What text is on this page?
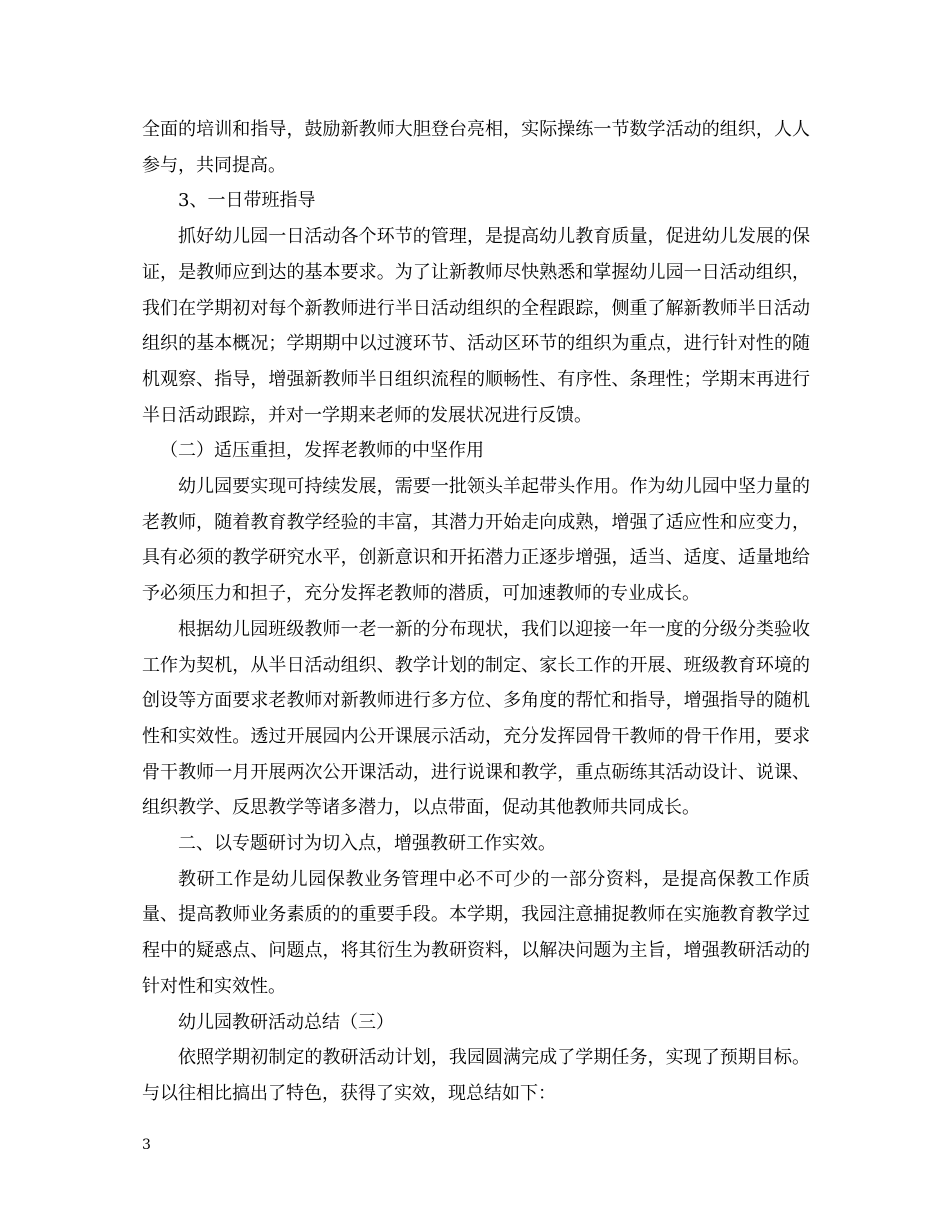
全面的培训和指导，鼓励新教师大胆登台亮相，实际操练一节数学活动的组织，人人参与，共同提高。

3、一日带班指导

抓好幼儿园一日活动各个环节的管理，是提高幼儿教育质量，促进幼儿发展的保证，是教师应到达的基本要求。为了让新教师尽快熟悉和掌握幼儿园一日活动组织，我们在学期初对每个新教师进行半日活动组织的全程跟踪，侧重了解新教师半日活动组织的基本概况；学期期中以过渡环节、活动区环节的组织为重点，进行针对性的随机观察、指导，增强新教师半日组织流程的顺畅性、有序性、条理性；学期末再进行半日活动跟踪，并对一学期来老师的发展状况进行反馈。

（二）适压重担，发挥老教师的中坚作用

幼儿园要实现可持续发展，需要一批领头羊起带头作用。作为幼儿园中坚力量的老教师，随着教育教学经验的丰富，其潜力开始走向成熟，增强了适应性和应变力，具有必须的教学研究水平，创新意识和开拓潜力正逐步增强，适当、适度、适量地给予必须压力和担子，充分发挥老教师的潜质，可加速教师的专业成长。

根据幼儿园班级教师一老一新的分布现状，我们以迎接一年一度的分级分类验收工作为契机，从半日活动组织、教学计划的制定、家长工作的开展、班级教育环境的创设等方面要求老教师对新教师进行多方位、多角度的帮忙和指导，增强指导的随机性和实效性。透过开展园内公开课展示活动，充分发挥园骨干教师的骨干作用，要求骨干教师一月开展两次公开课活动，进行说课和教学，重点砺练其活动设计、说课、组织教学、反思教学等诸多潜力，以点带面，促动其他教师共同成长。

二、以专题研讨为切入点，增强教研工作实效。

教研工作是幼儿园保教业务管理中必不可少的一部分资料，是提高保教工作质量、提高教师业务素质的的重要手段。本学期，我园注意捕捉教师在实施教育教学过程中的疑惑点、问题点，将其衍生为教研资料，以解决问题为主旨，增强教研活动的针对性和实效性。

幼儿园教研活动总结（三）

依照学期初制定的教研活动计划，我园圆满完成了学期任务，实现了预期目标。与以往相比搞出了特色，获得了实效，现总结如下：

3
